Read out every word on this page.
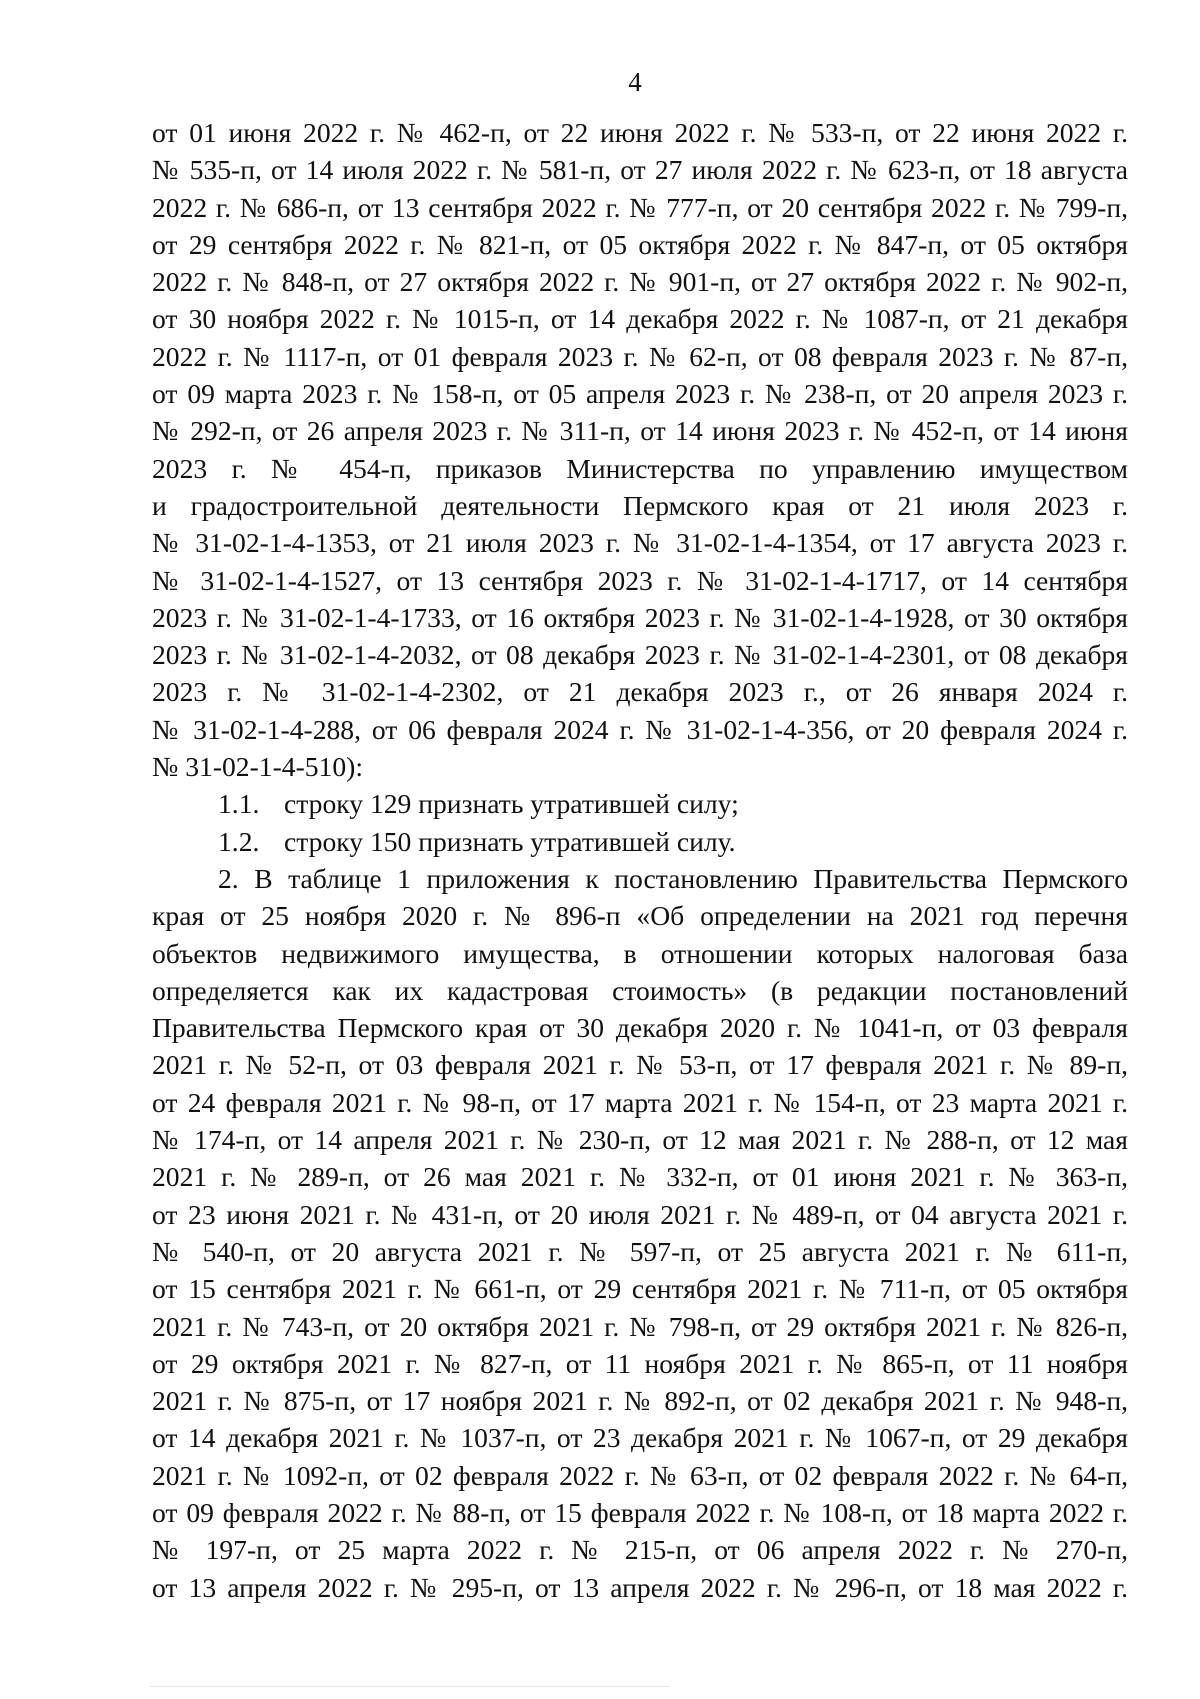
4

от 01 июня 2022 г. № 462-п, от 22 июня 2022 г. № 533-п, от 22 июня 2022 г.

№ 535-п, от 14 июля 2022 г. № 581-п, от 27 июля 2022 г. № 623-п, от 18 августа

2022 г. № 686-п, от 13 сентября 2022 г. № 777-п, от 20 сентября 2022 г. № 799-п,

от 29 сентября 2022 г. № 821-п, от 05 октября 2022 г. № 847-п, от 05 октября

2022 г. № 848-п, от 27 октября 2022 г. № 901-п, от 27 октября 2022 г. № 902-п,

от 30 ноября 2022 г. № 1015-п, от 14 декабря 2022 г. № 1087-п, от 21 декабря

2022 г. № 1117-п, от 01 февраля 2023 г. № 62-п, от 08 февраля 2023 г. № 87-п,

от 09 марта 2023 г. № 158-п, от 05 апреля 2023 г. № 238-п, от 20 апреля 2023 г.

№ 292-п, от 26 апреля 2023 г. № 311-п, от 14 июня 2023 г. № 452-п, от 14 июня

2023 г. № 454-п, приказов Министерства по управлению имуществом

и градостроительной деятельности Пермского края от 21 июля 2023 г.

№ 31-02-1-4-1353, от 21 июля 2023 г. № 31-02-1-4-1354, от 17 августа 2023 г.

№ 31-02-1-4-1527, от 13 сентября 2023 г. № 31-02-1-4-1717, от 14 сентября

2023 г. № 31-02-1-4-1733, от 16 октября 2023 г. № 31-02-1-4-1928, от 30 октября

2023 г. № 31-02-1-4-2032, от 08 декабря 2023 г. № 31-02-1-4-2301, от 08 декабря

2023 г. № 31-02-1-4-2302, от 21 декабря 2023 г., от 26 января 2024 г.

№ 31-02-1-4-288, от 06 февраля 2024 г. № 31-02-1-4-356, от 20 февраля 2024 г.

№ 31-02-1-4-510):

1.1. строку 129 признать утратившей силу;
1.2. строку 150 признать утратившей силу.

2. В таблице 1 приложения к постановлению Правительства Пермского

края от 25 ноября 2020 г. № 896-п «Об определении на 2021 год перечня

объектов недвижимого имущества, в отношении которых налоговая база

определяется как их кадастровая стоимость» (в редакции постановлений

Правительства Пермского края от 30 декабря 2020 г. № 1041-п, от 03 февраля

2021 г. № 52-п, от 03 февраля 2021 г. № 53-п, от 17 февраля 2021 г. № 89-п,

от 24 февраля 2021 г. № 98-п, от 17 марта 2021 г. № 154-п, от 23 марта 2021 г.

№ 174-п, от 14 апреля 2021 г. № 230-п, от 12 мая 2021 г. № 288-п, от 12 мая

2021 г. № 289-п, от 26 мая 2021 г. № 332-п, от 01 июня 2021 г. № 363-п,

от 23 июня 2021 г. № 431-п, от 20 июля 2021 г. № 489-п, от 04 августа 2021 г.

№ 540-п, от 20 августа 2021 г. № 597-п, от 25 августа 2021 г. № 611-п,

от 15 сентября 2021 г. № 661-п, от 29 сентября 2021 г. № 711-п, от 05 октября

2021 г. № 743-п, от 20 октября 2021 г. № 798-п, от 29 октября 2021 г. № 826-п,

от 29 октября 2021 г. № 827-п, от 11 ноября 2021 г. № 865-п, от 11 ноября

2021 г. № 875-п, от 17 ноября 2021 г. № 892-п, от 02 декабря 2021 г. № 948-п,

от 14 декабря 2021 г. № 1037-п, от 23 декабря 2021 г. № 1067-п, от 29 декабря

2021 г. № 1092-п, от 02 февраля 2022 г. № 63-п, от 02 февраля 2022 г. № 64-п,

от 09 февраля 2022 г. № 88-п, от 15 февраля 2022 г. № 108-п, от 18 марта 2022 г.

№ 197-п, от 25 марта 2022 г. № 215-п, от 06 апреля 2022 г. № 270-п,

от 13 апреля 2022 г. № 295-п, от 13 апреля 2022 г. № 296-п, от 18 мая 2022 г.
